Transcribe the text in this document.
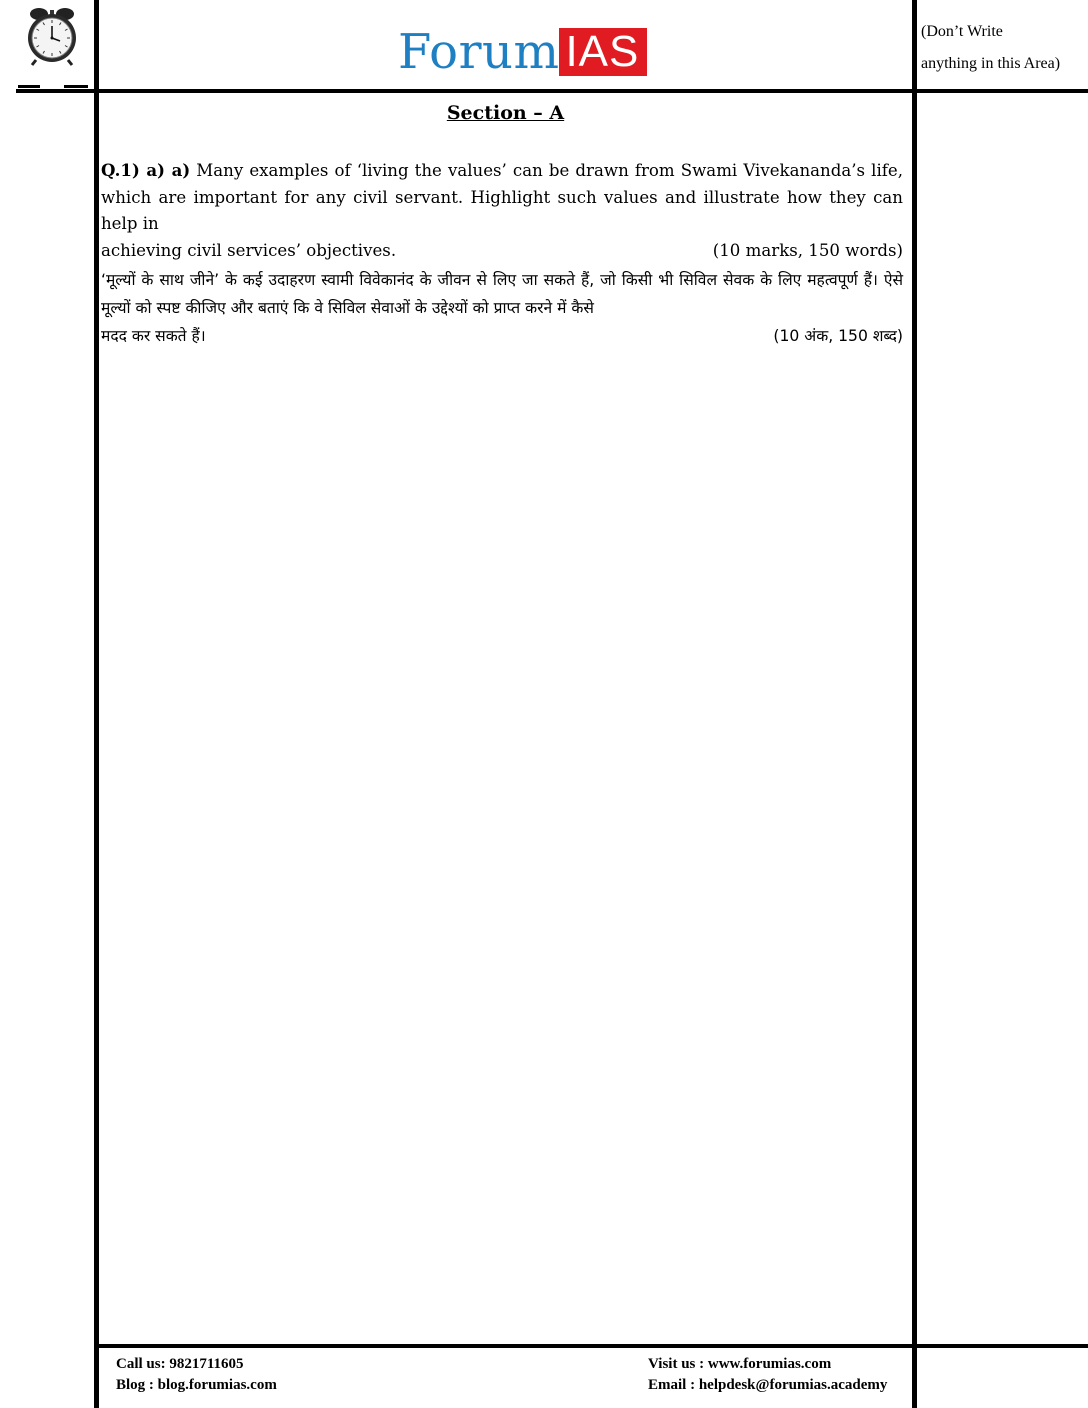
Forum IAS	(Don’t Write
anything in this Area)
Section – A
Q.1) a) a) Many examples of ‘living the values’ can be drawn from Swami Vivekananda’s life, which are important for any civil servant. Highlight such values and illustrate how they can help in
achieving civil services’ objectives.	(10 marks, 150 words)
‘मूल्यों के साथ जीने’ के कई उदाहरण स्वामी विवेकानंद के जीवन से लिए जा सकते हैं, जो किसी भी सिविल सेवक के लिए महत्वपूर्ण हैं। ऐसे मूल्यों को स्पष्ट कीजिए और बताएं कि वे सिविल सेवाओं के उद्देश्यों को प्राप्त करने में कैसे
मदद कर सकते हैं।	(10 अंक, 150 शब्द)
Call us: 9821711605
Blog : blog.forumias.com
Visit us : www.forumias.com
Email : helpdesk@forumias.academy
